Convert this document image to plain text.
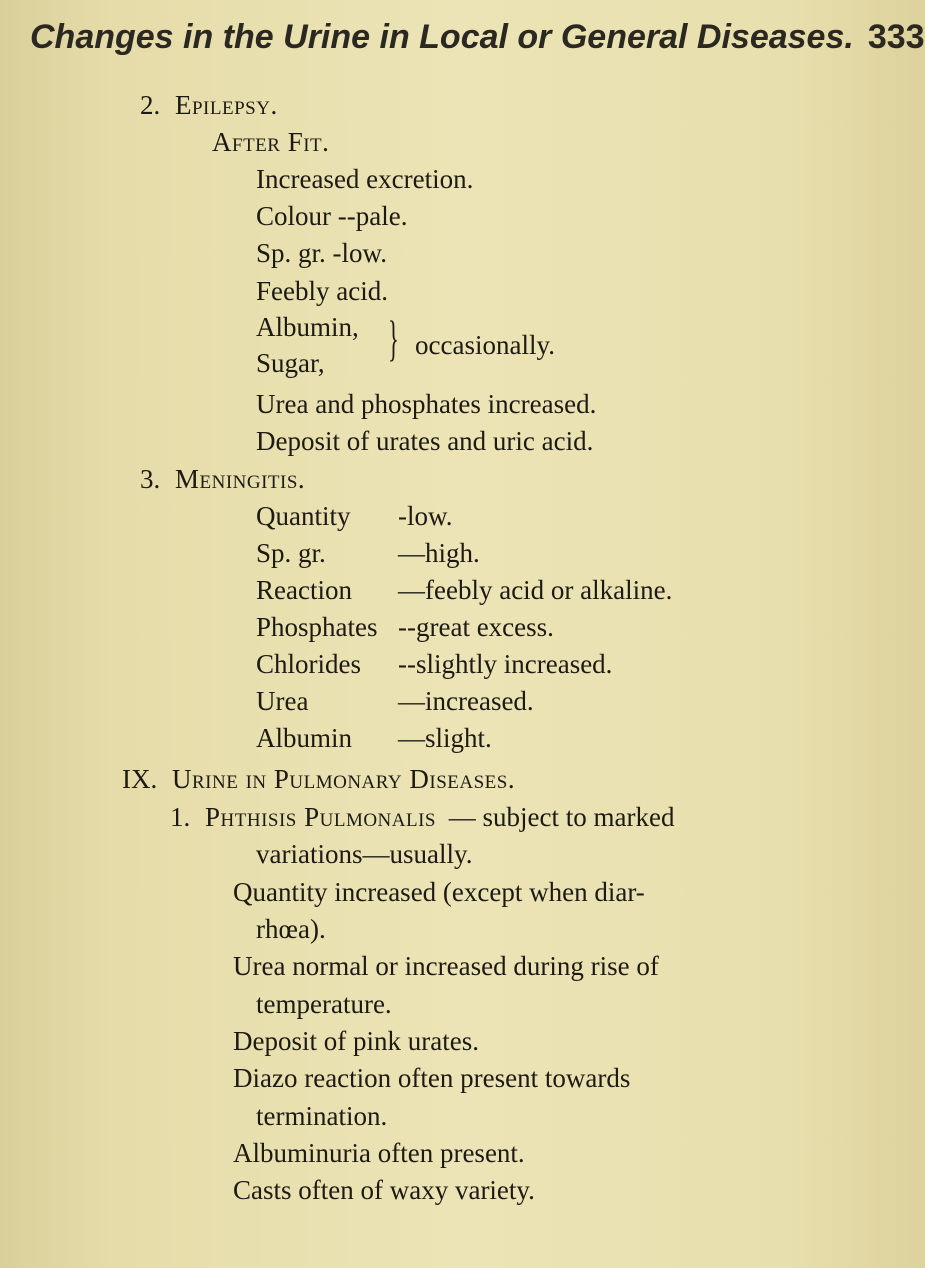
Changes in the Urine in Local or General Diseases. 333
2. Epilepsy.
After Fit.
Increased excretion.
Colour --pale.
Sp. gr. -low.
Feebly acid.
Albumin,
Sugar, } occasionally.
Urea and phosphates increased.
Deposit of urates and uric acid.
3. Meningitis.
Quantity -low.
Sp. gr.	—high.
Reaction —feebly acid or alkaline.
Phosphates --great excess.
Chlorides --slightly increased.
Urea	—increased.
Albumin —slight.
IX. Urine in Pulmonary Diseases.
1. Phthisis Pulmonalis — subject to marked
variations—usually.
Quantity increased (except when diar-
rhœa).
Urea normal or increased during rise of
temperature.
Deposit of pink urates.
Diazo reaction often present towards
termination.
Albuminuria often present.
Casts often of waxy variety.
